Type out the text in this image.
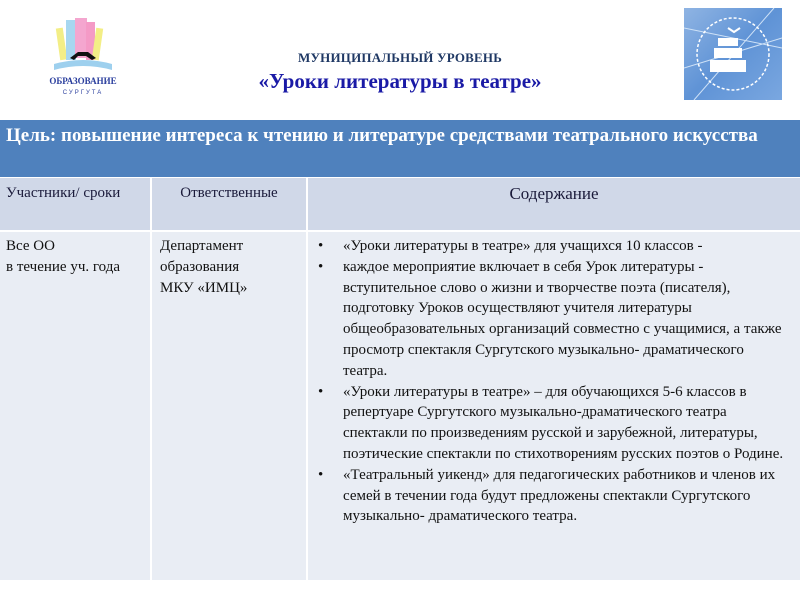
ОБРАЗОВАНИЕ
СУРГУТА
МУНИЦИПАЛЬНЫЙ УРОВЕНЬ
«Уроки литературы в театре»
Цель: повышение интереса к чтению и литературе средствами театрального искусства
Участники/ сроки	Ответственные	Содержание
Все ОО
в течение уч. года
Департамент
образования
МКУ «ИМЦ»
• «Уроки литературы в театре» для учащихся 10 классов -
• каждое мероприятие включает в себя Урок литературы - вступительное слово о жизни и творчестве поэта (писателя), подготовку Уроков осуществляют учителя литературы общеобразовательных организаций совместно с учащимися, а также просмотр спектакля Сургутского музыкально- драматического театра.
• «Уроки литературы в театре» – для обучающихся 5-6 классов в репертуаре Сургутского музыкально-драматического театра спектакли по произведениям русской и зарубежной, литературы, поэтические спектакли по стихотворениям русских поэтов о Родине.
• «Театральный уикенд» для педагогических работников и членов их семей в течении года будут предложены спектакли Сургутского музыкально- драматического театра.
